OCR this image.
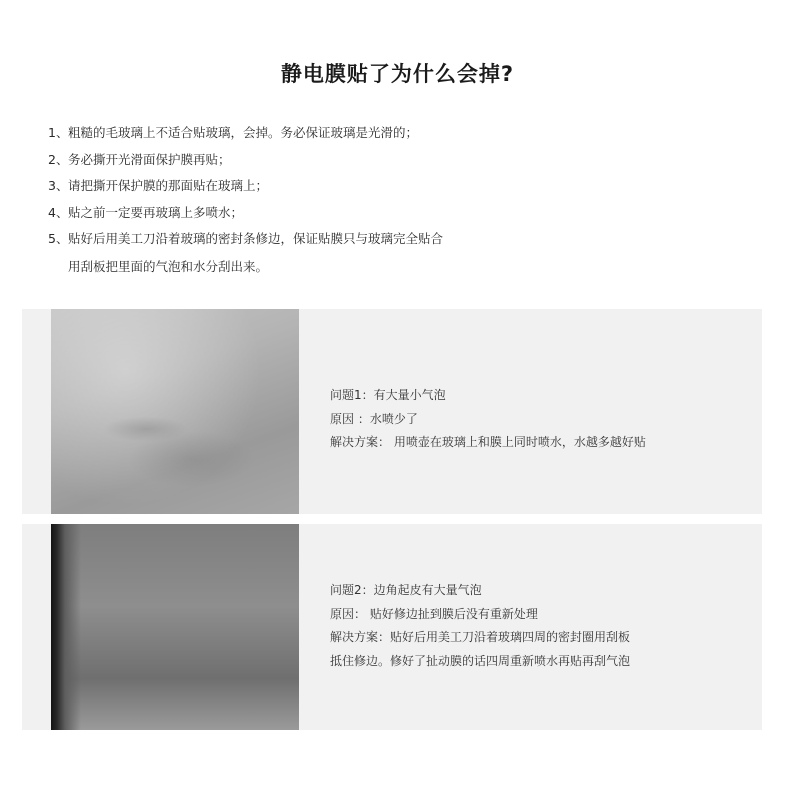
静电膜贴了为什么会掉?
1、 粗糙的毛玻璃上不适合贴玻璃，会掉。务必保证玻璃是光滑的；
2、 务必撕开光滑面保护膜再贴；
3、 请把撕开保护膜的那面贴在玻璃上；
4、 贴之前一定要再玻璃上多喷水；
5、 贴好后用美工刀沿着玻璃的密封条修边，保证贴膜只与玻璃完全贴合
用刮板把里面的气泡和水分刮出来。
问题1：有大量小气泡
原因 ：水喷少了
解决方案： 用喷壶在玻璃上和膜上同时喷水，水越多越好贴
问题2：边角起皮有大量气泡
原因： 贴好修边扯到膜后没有重新处理
解决方案：贴好后用美工刀沿着玻璃四周的密封圈用刮板
抵住修边。修好了扯动膜的话四周重新喷水再贴再刮气泡
